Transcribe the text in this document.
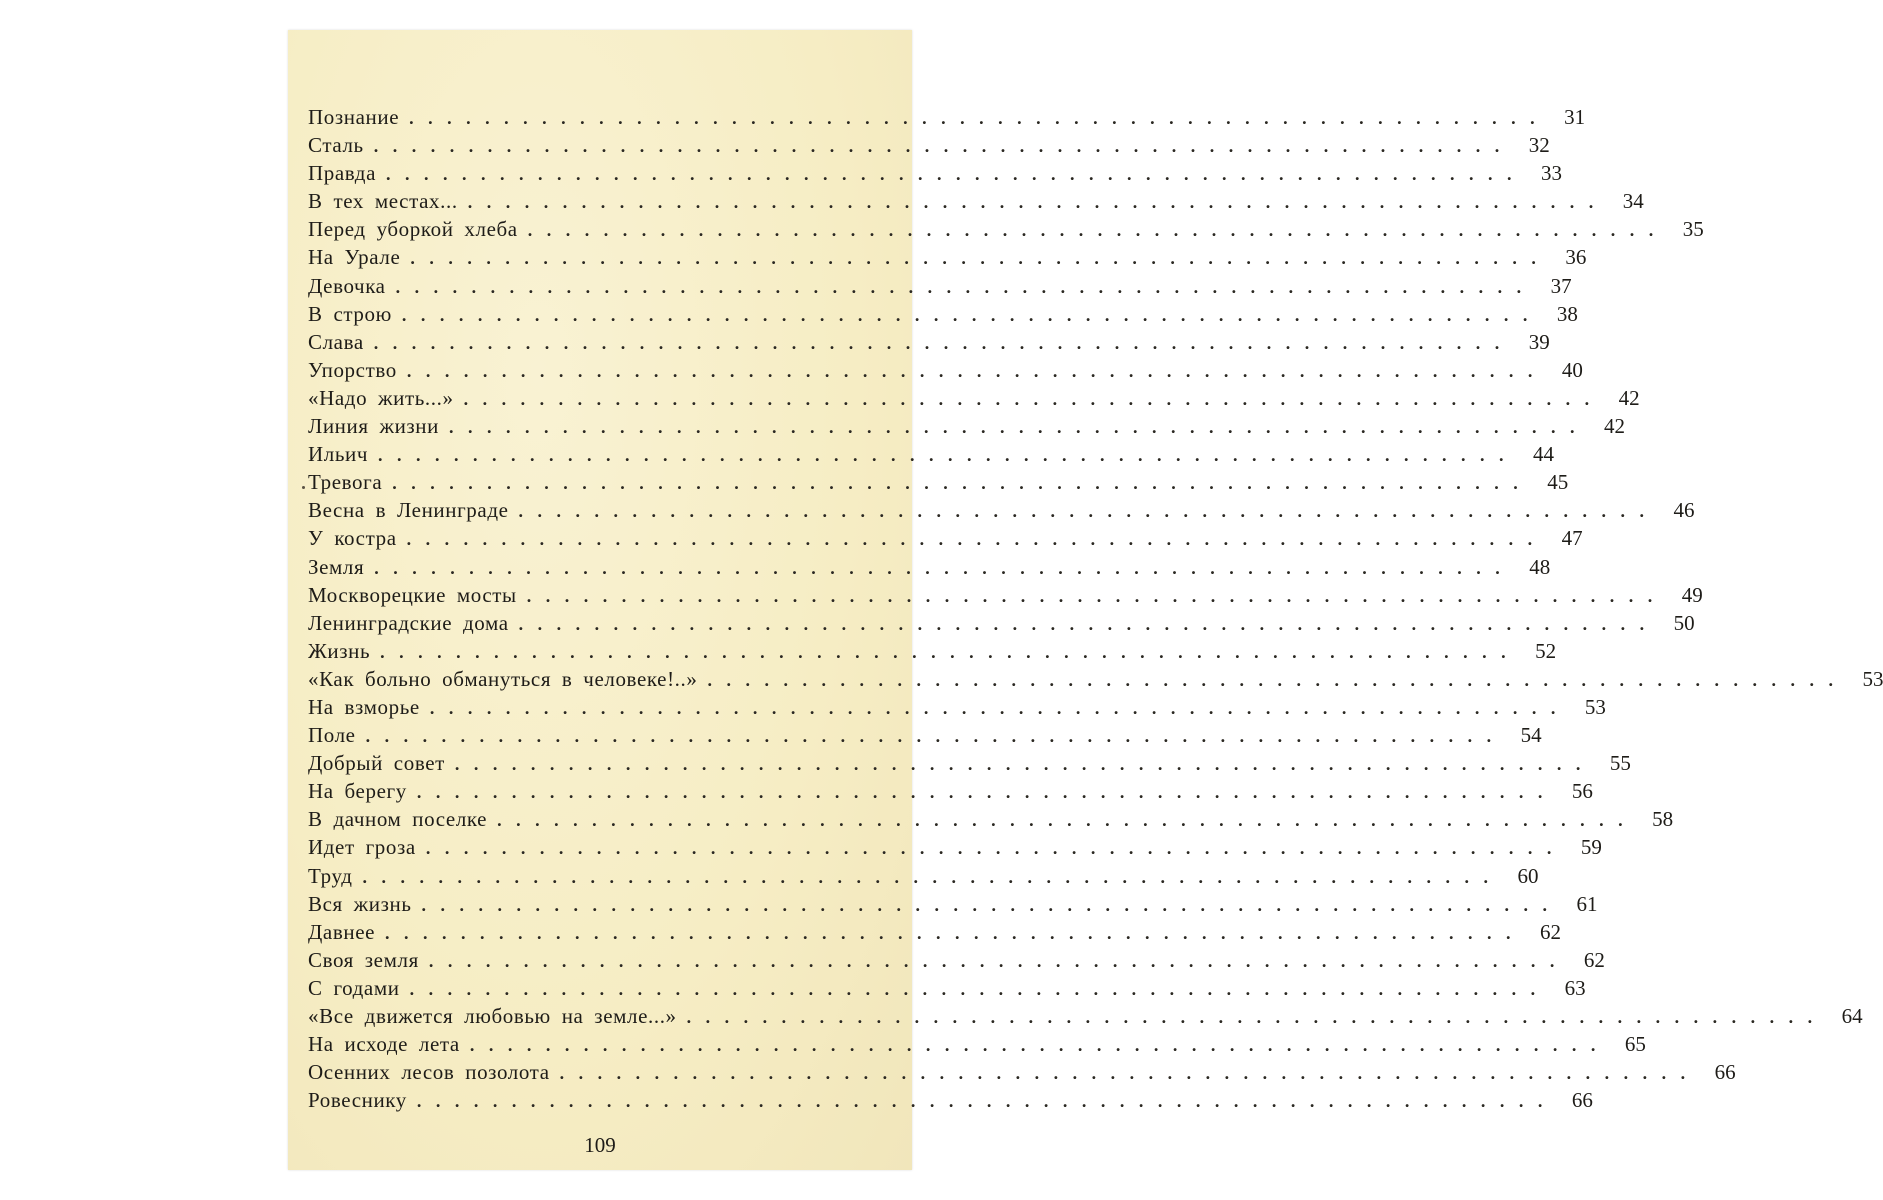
Познание ............................................................ 31
Сталь ............................................................ 32
Правда ............................................................ 33
В тех местах... ............................................................ 34
Перед уборкой хлеба ............................................................ 35
На Урале ............................................................ 36
Девочка ............................................................ 37
В строю ............................................................ 38
Слава ............................................................ 39
Упорство ............................................................ 40
«Надо жить...» ............................................................ 42
Линия жизни ............................................................ 42
Ильич ............................................................ 44
Тревога ............................................................ 45
Весна в Ленинграде ............................................................ 46
У костра ............................................................ 47
Земля ............................................................ 48
Москворецкие мосты ............................................................ 49
Ленинградские дома ............................................................ 50
Жизнь ............................................................ 52
«Как больно обмануться в человеке!..» ............................................................ 53
На взморье ............................................................ 53
Поле ............................................................ 54
Добрый совет ............................................................ 55
На берегу ............................................................ 56
В дачном поселке ............................................................ 58
Идет гроза ............................................................ 59
Труд ............................................................ 60
Вся жизнь ............................................................ 61
Давнее ............................................................ 62
Своя земля ............................................................ 62
С годами ............................................................ 63
«Все движется любовью на земле...» ............................................................ 64
На исходе лета ............................................................ 65
Осенних лесов позолота ............................................................ 66
Ровеснику ............................................................ 66
109
